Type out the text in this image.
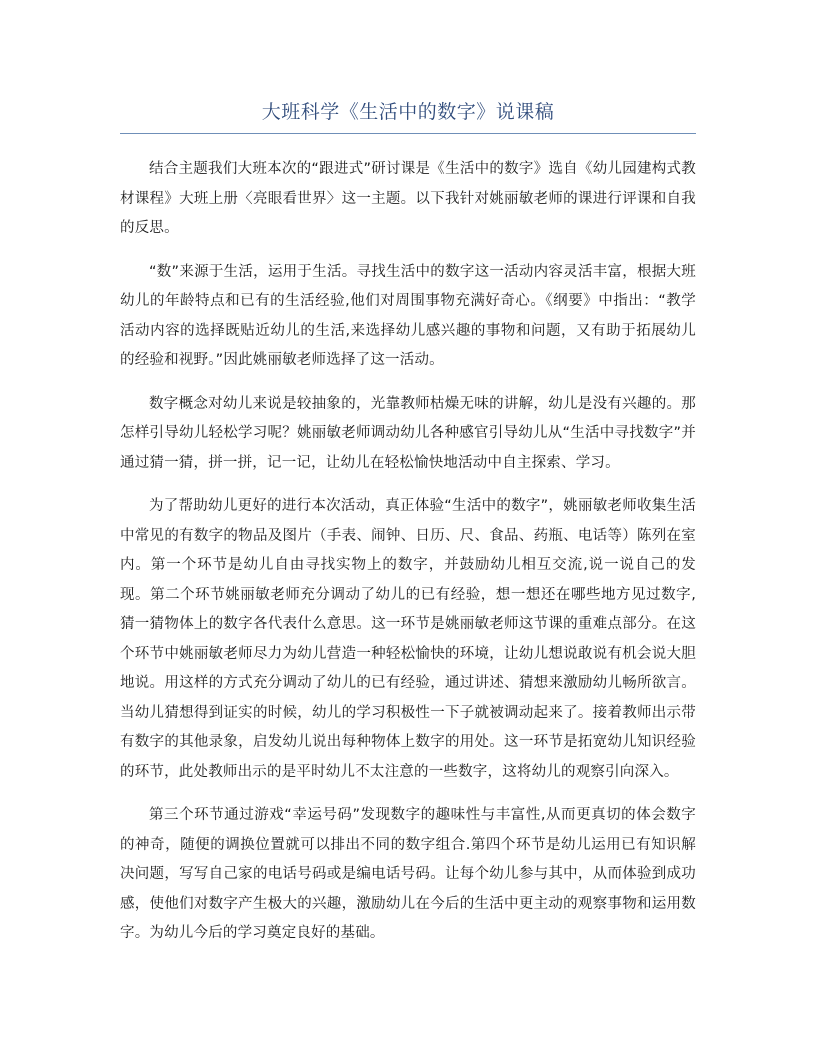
大班科学《生活中的数字》说课稿

结合主题我们大班本次的“跟进式”研讨课是《生活中的数字》选自《幼儿园建构式教材课程》大班上册〈亮眼看世界〉这一主题。以下我针对姚丽敏老师的课进行评课和自我的反思。

“数”来源于生活，运用于生活。寻找生活中的数字这一活动内容灵活丰富，根据大班幼儿的年龄特点和已有的生活经验,他们对周围事物充满好奇心。《纲要》中指出：“教学活动内容的选择既贴近幼儿的生活,来选择幼儿感兴趣的事物和问题，又有助于拓展幼儿的经验和视野。”因此姚丽敏老师选择了这一活动。

数字概念对幼儿来说是较抽象的，光靠教师枯燥无味的讲解，幼儿是没有兴趣的。那怎样引导幼儿轻松学习呢？姚丽敏老师调动幼儿各种感官引导幼儿从“生活中寻找数字”并通过猜一猜，拼一拼，记一记，让幼儿在轻松愉快地活动中自主探索、学习。

为了帮助幼儿更好的进行本次活动，真正体验“生活中的数字”，姚丽敏老师收集生活中常见的有数字的物品及图片（手表、闹钟、日历、尺、食品、药瓶、电话等）陈列在室内。第一个环节是幼儿自由寻找实物上的数字，并鼓励幼儿相互交流,说一说自己的发现。第二个环节姚丽敏老师充分调动了幼儿的已有经验，想一想还在哪些地方见过数字,猜一猜物体上的数字各代表什么意思。这一环节是姚丽敏老师这节课的重难点部分。在这个环节中姚丽敏老师尽力为幼儿营造一种轻松愉快的环境，让幼儿想说敢说有机会说大胆地说。用这样的方式充分调动了幼儿的已有经验，通过讲述、猜想来激励幼儿畅所欲言。当幼儿猜想得到证实的时候，幼儿的学习积极性一下子就被调动起来了。接着教师出示带有数字的其他录象，启发幼儿说出每种物体上数字的用处。这一环节是拓宽幼儿知识经验的环节，此处教师出示的是平时幼儿不太注意的一些数字，这将幼儿的观察引向深入。

第三个环节通过游戏“幸运号码”发现数字的趣味性与丰富性,从而更真切的体会数字的神奇，随便的调换位置就可以排出不同的数字组合.第四个环节是幼儿运用已有知识解决问题，写写自己家的电话号码或是编电话号码。让每个幼儿参与其中，从而体验到成功感，使他们对数字产生极大的兴趣，激励幼儿在今后的生活中更主动的观察事物和运用数字。为幼儿今后的学习奠定良好的基础。
